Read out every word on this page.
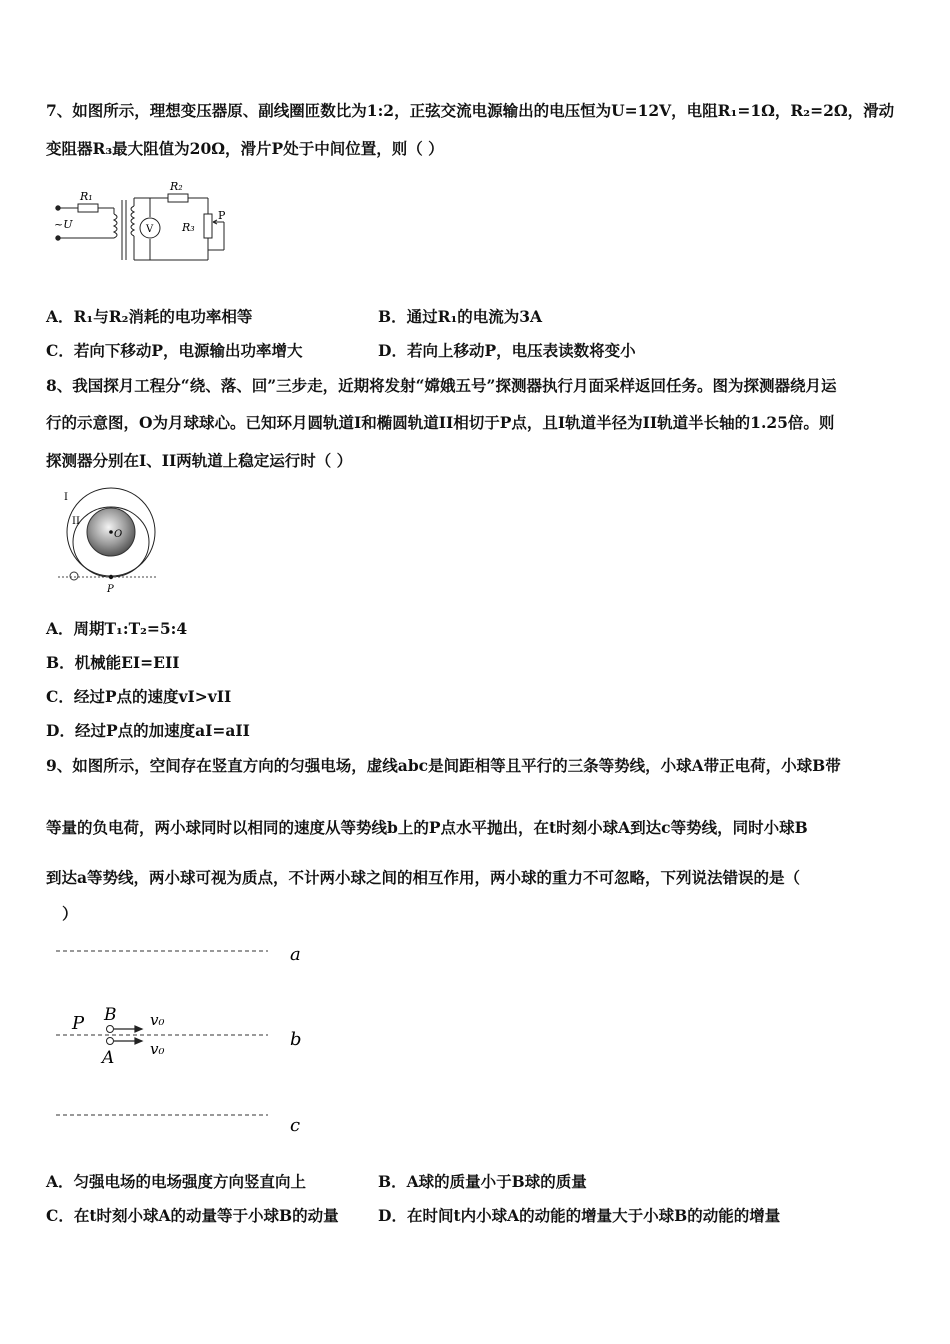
7、如图所示，理想变压器原、副线圈匝数比为1:2，正弦交流电源输出的电压恒为U=12V，电阻R₁=1Ω，R₂=2Ω，滑动
变阻器R₃最大阻值为20Ω，滑片P处于中间位置，则（ ）
R₁
R₂
R₃
P
~U	V
A．R₁与R₂消耗的电功率相等	B．通过R₁的电流为3A
C．若向下移动P，电源输出功率增大	D．若向上移动P，电压表读数将变小
8、我国探月工程分“绕、落、回”三步走，近期将发射“嫦娥五号”探测器执行月面采样返回任务。图为探测器绕月运
行的示意图，O为月球球心。已知环月圆轨道I和椭圆轨道II相切于P点，且I轨道半径为II轨道半长轴的1.25倍。则
探测器分别在I、II两轨道上稳定运行时（ ）
I
II
O
P
A．周期T₁:T₂=5:4
B．机械能EI=EII
C．经过P点的速度vI>vII
D．经过P点的加速度aI=aII
9、如图所示，空间存在竖直方向的匀强电场，虚线abc是间距相等且平行的三条等势线，小球A带正电荷，小球B带
等量的负电荷，两小球同时以相同的速度从等势线b上的P点水平抛出，在t时刻小球A到达c等势线，同时小球B
到达a等势线，两小球可视为质点，不计两小球之间的相互作用，两小球的重力不可忽略，下列说法错误的是（
）
a
b
c
P B
A
v₀
v₀
A．匀强电场的电场强度方向竖直向上	B．A球的质量小于B球的质量
C．在t时刻小球A的动量等于小球B的动量	D．在时间t内小球A的动能的增量大于小球B的动能的增量
